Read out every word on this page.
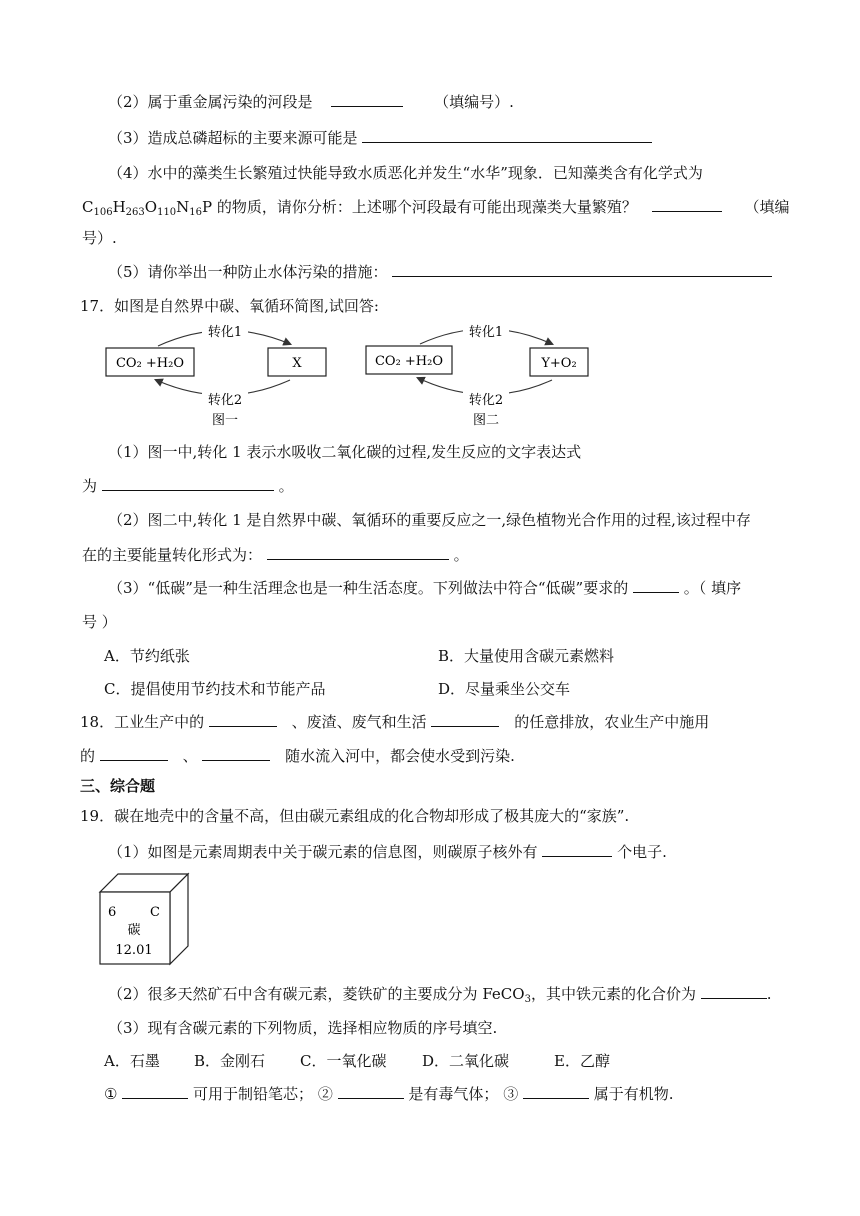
（2）属于重金属污染的河段是	（填编号）.
（3）造成总磷超标的主要来源可能是
（4）水中的藻类生长繁殖过快能导致水质恶化并发生“水华”现象．已知藻类含有化学式为
$C_{106}H_{263}O_{110}N_{16}P$ 的物质，请你分析：上述哪个河段最有可能出现藻类大量繁殖？	（填编
号）.
（5）请你举出一种防止水体污染的措施：
17．如图是自然界中碳、氧循环简图,试回答:
CO₂ +H₂O	X
转化1
转化2
图一
CO₂ +H₂O	Y+O₂
转化1
转化2
图二
（1）图一中,转化 1 表示水吸收二氧化碳的过程,发生反应的文字表达式
为	。
（2）图二中,转化 1 是自然界中碳、氧循环的重要反应之一,绿色植物光合作用的过程,该过程中存
在的主要能量转化形式为：	。
（3）“低碳”是一种生活理念也是一种生活态度。下列做法中符合“低碳”要求的	。（ 填序
号 ）
A．节约纸张	B．大量使用含碳元素燃料
C．提倡使用节约技术和节能产品	D．尽量乘坐公交车
18．工业生产中的	、废渣、废气和生活	的任意排放，农业生产中施用
的	、	随水流入河中，都会使水受到污染.
三、综合题
19．碳在地壳中的含量不高，但由碳元素组成的化合物却形成了极其庞大的“家族”.
（1）如图是元素周期表中关于碳元素的信息图，则碳原子核外有	个电子.
6	C
碳
12.01
（2）很多天然矿石中含有碳元素，菱铁矿的主要成分为 FeCO$_3$，其中铁元素的化合价为	.
（3）现有含碳元素的下列物质，选择相应物质的序号填空.
A．石墨 B．金刚石 C．一氧化碳 D．二氧化碳	E．乙醇
①	可用于制铅笔芯； ②	是有毒气体； ③	属于有机物.
